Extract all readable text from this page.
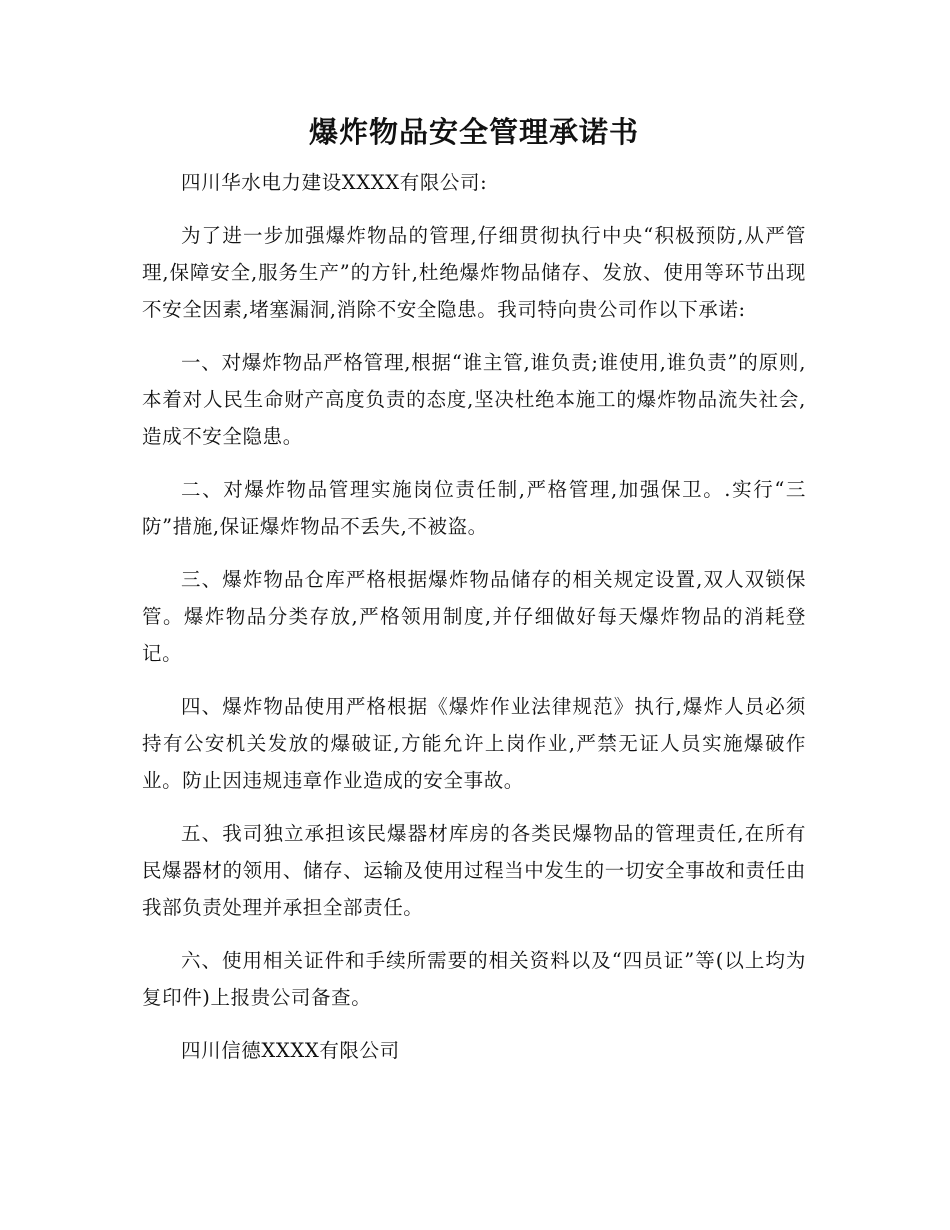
爆炸物品安全管理承诺书

四川华水电力建设XXXX有限公司:

为了进一步加强爆炸物品的管理,仔细贯彻执行中央“积极预防,从严管理,保障安全,服务生产”的方针,杜绝爆炸物品储存、发放、使用等环节出现不安全因素,堵塞漏洞,消除不安全隐患。我司特向贵公司作以下承诺:

一、对爆炸物品严格管理,根据“谁主管,谁负责;谁使用,谁负责”的原则,本着对人民生命财产高度负责的态度,坚决杜绝本施工的爆炸物品流失社会,造成不安全隐患。

二、对爆炸物品管理实施岗位责任制,严格管理,加强保卫。.实行“三防”措施,保证爆炸物品不丢失,不被盗。

三、爆炸物品仓库严格根据爆炸物品储存的相关规定设置,双人双锁保管。爆炸物品分类存放,严格领用制度,并仔细做好每天爆炸物品的消耗登记。

四、爆炸物品使用严格根据《爆炸作业法律规范》执行,爆炸人员必须持有公安机关发放的爆破证,方能允许上岗作业,严禁无证人员实施爆破作业。防止因违规违章作业造成的安全事故。

五、我司独立承担该民爆器材库房的各类民爆物品的管理责任,在所有民爆器材的领用、储存、运输及使用过程当中发生的一切安全事故和责任由我部负责处理并承担全部责任。

六、使用相关证件和手续所需要的相关资料以及“四员证”等(以上均为复印件)上报贵公司备查。

四川信德XXXX有限公司
